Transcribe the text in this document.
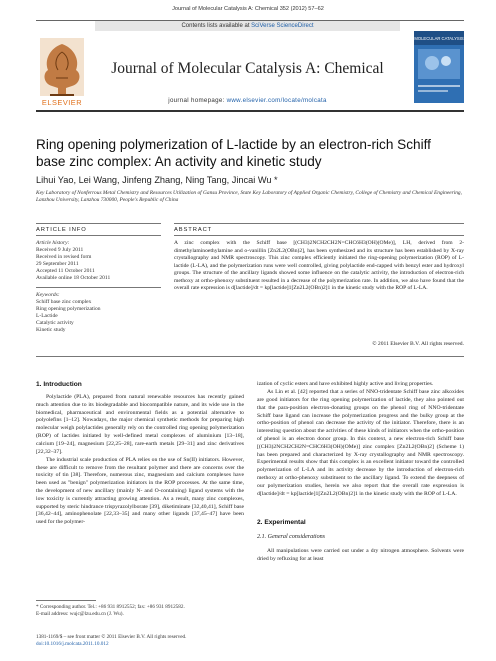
Journal of Molecular Catalysis A: Chemical 352 (2012) 57–62
Contents lists available at SciVerse ScienceDirect
ELSEVIER
Journal of Molecular Catalysis A: Chemical
journal homepage: www.elsevier.com/locate/molcata
MOLECULAR CATALYSIS
Ring opening polymerization of L-lactide by an electron-rich Schiff base zinc complex: An activity and kinetic study
Lihui Yao, Lei Wang, Jinfeng Zhang, Ning Tang, Jincai Wu *
Key Laboratory of Nonferrous Metal Chemistry and Resources Utilization of Gansu Province, State Key Laboratory of Applied Organic Chemistry, College of Chemistry and Chemical Engineering, Lanzhou University, Lanzhou 730000, People's Republic of China
ARTICLE INFO	ABSTRACT
Article history:
Received 9 July 2011
Received in revised form
29 September 2011
Accepted 11 October 2011
Available online 18 October 2011
Keywords:
Schiff base zinc complex
Ring opening polymerization
L-Lactide
Catalytic activity
Kinetic study
A zinc complex with the Schiff base [(CH3)2NCH2CH2N=CHC6H3(OH)(OMe)], LH, derived from 2-dimethylaminoethylamine and o-vanillin [Zn2L2(OBn)2], has been synthesized and its structure has been established by X-ray crystallography and NMR spectroscopy. This zinc complex efficiently initiated the ring-opening polymerization (ROP) of L-lactide (L-LA), and the polymerization runs were well controlled, giving polylactide end-capped with benzyl ester and hydroxyl groups. The structure of the ancillary ligands showed some influence on the catalytic activity, the introduction of electron-rich methoxy at ortho-phenoxy substituent resulted in a decrease of the polymerization rate. In addition, we also have found that the overall rate expression is d[lactide]/dt = kp[lactide]1[Zn2L2(OBn)2]1 in the kinetic study with the ROP of L-LA.
© 2011 Elsevier B.V. All rights reserved.
1. Introduction

Polylactide (PLA), prepared from natural renewable resources has recently gained much attention due to its biodegradable and biocompatible nature, and its wide use in the biomedical, pharmaceutical and environmental fields as a potential alternative to polyolefins [1–12]. Nowadays, the major chemical synthetic methods for preparing high molecular weigh polylactides generally rely on the controlled ring opening polymerization (ROP) of lactides initiated by well-defined metal complexes of aluminium [13–18], calcium [19–24], magnesium [22,25–28], rare-earth metals [29–31] and zinc derivatives [22,32–37].

The industrial scale production of PLA relies on the use of Sn(II) initiators. However, these are difficult to remove from the resultant polymer and there are concerns over the toxicity of tin [38]. Therefore, numerous zinc, magnesium and calcium complexes have been used as "benign" polymerization initiators in the ROP processes. At the same time, the development of new ancillary (mainly N- and O-containing) ligand systems with the low toxicity is currently attracting growing attention. As a result, many zinc complexes, supported by steric hindrance trispyrazolylborate [39], diketiminate [32,40,41], Schiff base [36,42–44], aminophenolate [22,33–35] and many other ligands [37,45–47] have been used for the polymer-

ization of cyclic esters and have exhibited highly active and living properties.

As Lin et al. [42] reported that a series of NNO-tridentate Schiff base zinc alkoxides are good initiators for the ring opening polymerization of lactide, they also pointed out that the para-position electron-donating groups on the phenol ring of NNO-tridentate Schiff base ligand can increase the polymerization progress and the bulky group at the ortho-position of phenol can decrease the activity of the initiator. Therefore, there is an interesting question about the activities of these kinds of initiators when the ortho-position of phenol is an electron donor group. In this context, a new electron-rich Schiff base [(CH3)2NCH2CH2N=CHC6H3(OH)(OMe)] zinc complex [Zn2L2(OBn)2] (Scheme 1) has been prepared and characterized by X-ray crystallography and NMR spectroscopy. Experimental results show that this complex is an excellent initiator toward the controlled polymerization of L-LA and its activity decrease by the introduction of electron-rich methoxy at ortho-phenoxy substituent to the ancillary ligand. To extend the deepness of our polymerization studies, herein we also report that the overall rate expression is d[lactide]/dt = kp[lactide]1[Zn2L2(OBn)2]1 in the kinetic study with the ROP of L-LA.

2. Experimental
2.1. General considerations

All manipulations were carried out under a dry nitrogen atmosphere. Solvents were dried by refluxing for at least

* Corresponding author. Tel.: +86 931 8912552; fax: +86 931 8912582.
E-mail address: wujc@lzu.edu.cn (J. Wu).
1381-1169/$ – see front matter © 2011 Elsevier B.V. All rights reserved.
doi:10.1016/j.molcata.2011.10.012
